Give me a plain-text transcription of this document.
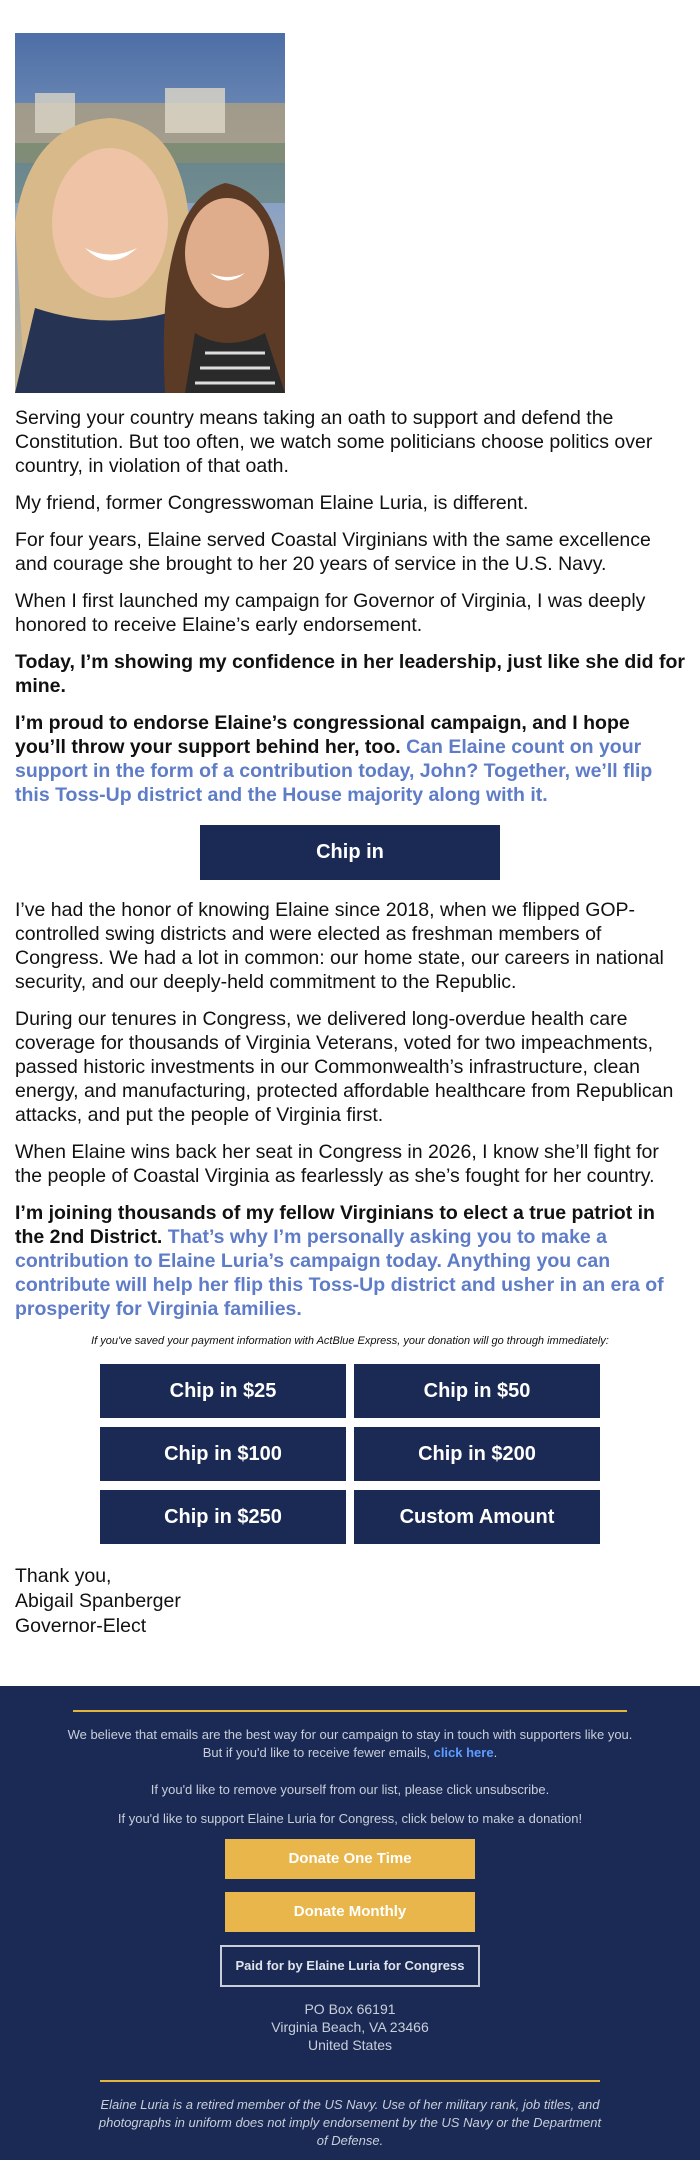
Serving your country means taking an oath to support and defend the Constitution. But too often, we watch some politicians choose politics over country, in violation of that oath.

My friend, former Congresswoman Elaine Luria, is different.

For four years, Elaine served Coastal Virginians with the same excellence and courage she brought to her 20 years of service in the U.S. Navy.

When I first launched my campaign for Governor of Virginia, I was deeply honored to receive Elaine’s early endorsement.

Today, I’m showing my confidence in her leadership, just like she did for mine.

I’m proud to endorse Elaine’s congressional campaign, and I hope you’ll throw your support behind her, too. Can Elaine count on your support in the form of a contribution today, John? Together, we’ll flip this Toss-Up district and the House majority along with it.

Chip in

I’ve had the honor of knowing Elaine since 2018, when we flipped GOP-controlled swing districts and were elected as freshman members of Congress. We had a lot in common: our home state, our careers in national security, and our deeply-held commitment to the Republic.

During our tenures in Congress, we delivered long-overdue health care coverage for thousands of Virginia Veterans, voted for two impeachments, passed historic investments in our Commonwealth’s infrastructure, clean energy, and manufacturing, protected affordable healthcare from Republican attacks, and put the people of Virginia first.

When Elaine wins back her seat in Congress in 2026, I know she’ll fight for the people of Coastal Virginia as fearlessly as she’s fought for her country.

I’m joining thousands of my fellow Virginians to elect a true patriot in the 2nd District. That’s why I’m personally asking you to make a contribution to Elaine Luria’s campaign today. Anything you can contribute will help her flip this Toss-Up district and usher in an era of prosperity for Virginia families.

If you've saved your payment information with ActBlue Express, your donation will go through immediately:
Chip in $25	Chip in $50
Chip in $100	Chip in $200
Chip in $250	Custom Amount
Thank you,
Abigail Spanberger
Governor-Elect
We believe that emails are the best way for our campaign to stay in touch with supporters like you. But if you'd like to receive fewer emails, click here.
If you'd like to remove yourself from our list, please click unsubscribe.
If you'd like to support Elaine Luria for Congress, click below to make a donation!
Donate One Time
Donate Monthly
Paid for by Elaine Luria for Congress
PO Box 66191
Virginia Beach, VA 23466
United States
Elaine Luria is a retired member of the US Navy. Use of her military rank, job titles, and photographs in uniform does not imply endorsement by the US Navy or the Department of Defense.
